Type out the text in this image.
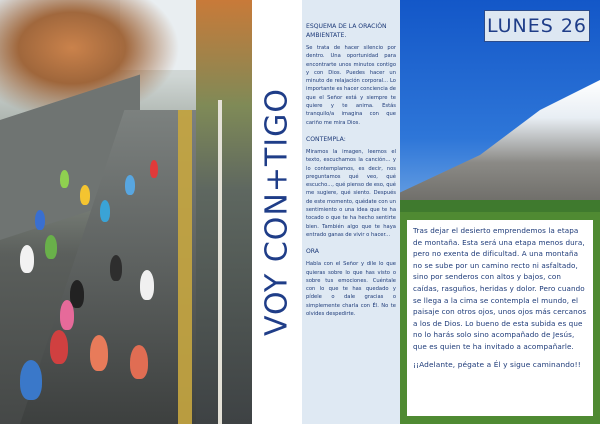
VOY CON+TIGO
ESQUEMA DE LA ORACIÓN AMBIENTATE.

Se trata de hacer silencio por dentro. Una oportunidad para encontrarte unos minutos contigo y con Dios. Puedes hacer un minuto de relajación corporal... Lo importante es hacer conciencia de que el Señor está y siempre te quiere y te anima. Estás tranquilo/a imagina con que cariño me mira Dios.

CONTEMPLA:

Miramos la imagen, leemos el texto, escuchamos la canción... y lo contemplamos, es decir, nos preguntamos qué veo, qué escucho..., qué pienso de eso, qué me sugiere, qué siento. Después de este momento, quédate con un sentimiento o una idea que te ha tocado o que te ha hecho sentirte bien. También algo que te haya entrado ganas de vivir o hacer...

ORA

Habla con el Señor y dile lo que quieras sobre lo que has visto o sobre tus emociones. Cuéntale con lo que te has quedado y pídele o dale gracias o simplemente charla con Él. No te olvides despedirte.

LUNES 26

Tras dejar el desierto emprendemos la etapa de montaña. Esta será una etapa menos dura, pero no exenta de dificultad. A una montaña no se sube por un camino recto ni asfaltado, sino por senderos con altos y bajos, con caídas, rasguños, heridas y dolor. Pero cuando se llega a la cima se contempla el mundo, el paisaje con otros ojos, unos ojos más cercanos a los de Dios. Lo bueno de esta subida es que no lo harás solo sino acompañado de Jesús, que es quien te ha invitado a acompañarle.

¡¡Adelante, pégate a Él y sigue caminando!!
